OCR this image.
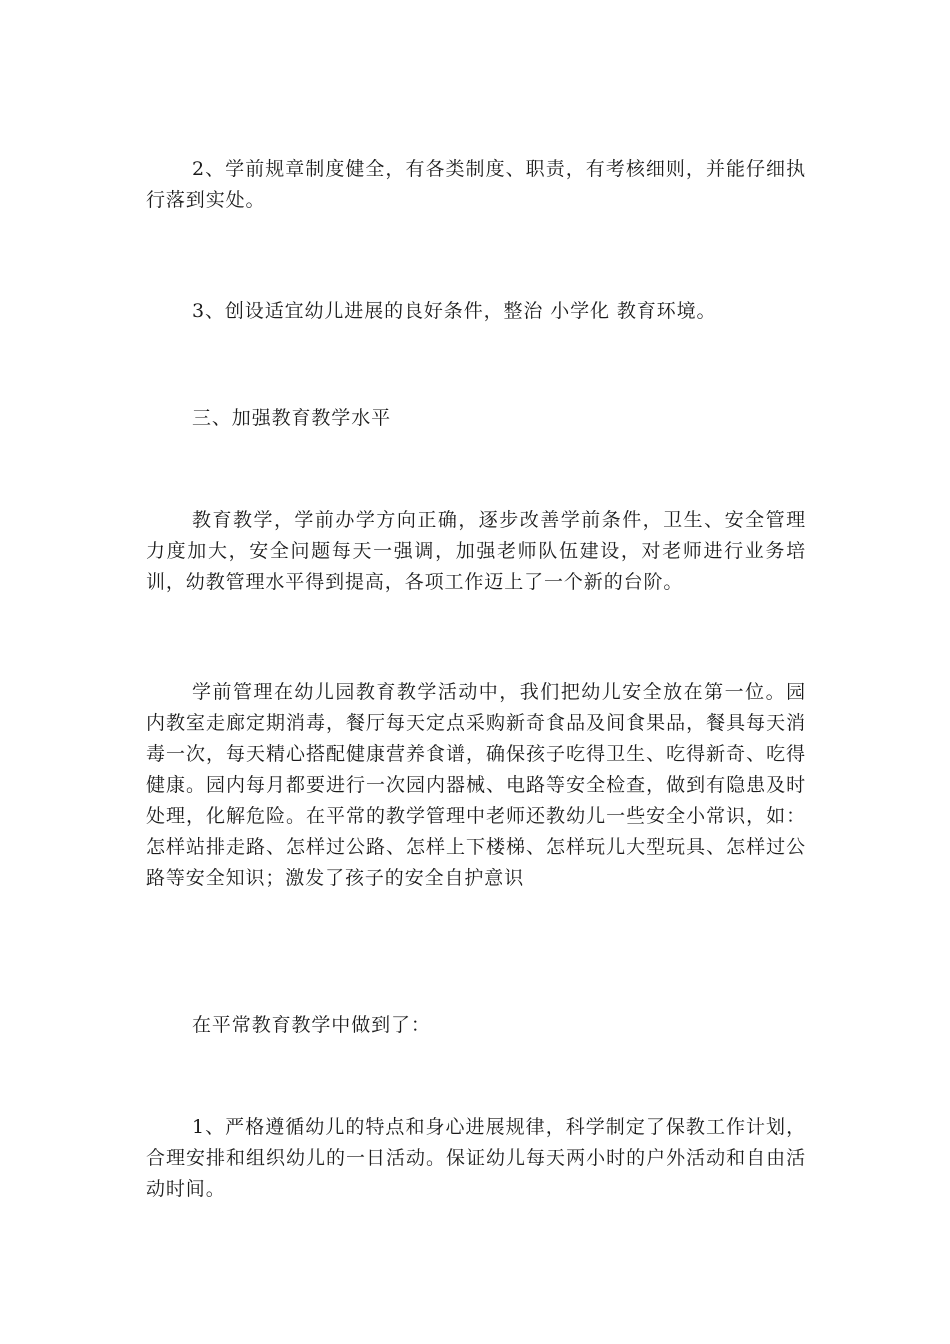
2、学前规章制度健全，有各类制度、职责，有考核细则，并能仔细执行落到实处。

3、创设适宜幼儿进展的良好条件，整治 小学化 教育环境。

三、加强教育教学水平

教育教学，学前办学方向正确，逐步改善学前条件，卫生、安全管理力度加大，安全问题每天一强调，加强老师队伍建设，对老师进行业务培训，幼教管理水平得到提高，各项工作迈上了一个新的台阶。

学前管理在幼儿园教育教学活动中，我们把幼儿安全放在第一位。园内教室走廊定期消毒，餐厅每天定点采购新奇食品及间食果品，餐具每天消毒一次，每天精心搭配健康营养食谱，确保孩子吃得卫生、吃得新奇、吃得健康。园内每月都要进行一次园内器械、电路等安全检查，做到有隐患及时处理，化解危险。在平常的教学管理中老师还教幼儿一些安全小常识，如：怎样站排走路、怎样过公路、怎样上下楼梯、怎样玩儿大型玩具、怎样过公路等安全知识；激发了孩子的安全自护意识

在平常教育教学中做到了：

1、严格遵循幼儿的特点和身心进展规律，科学制定了保教工作计划，合理安排和组织幼儿的一日活动。保证幼儿每天两小时的户外活动和自由活动时间。
